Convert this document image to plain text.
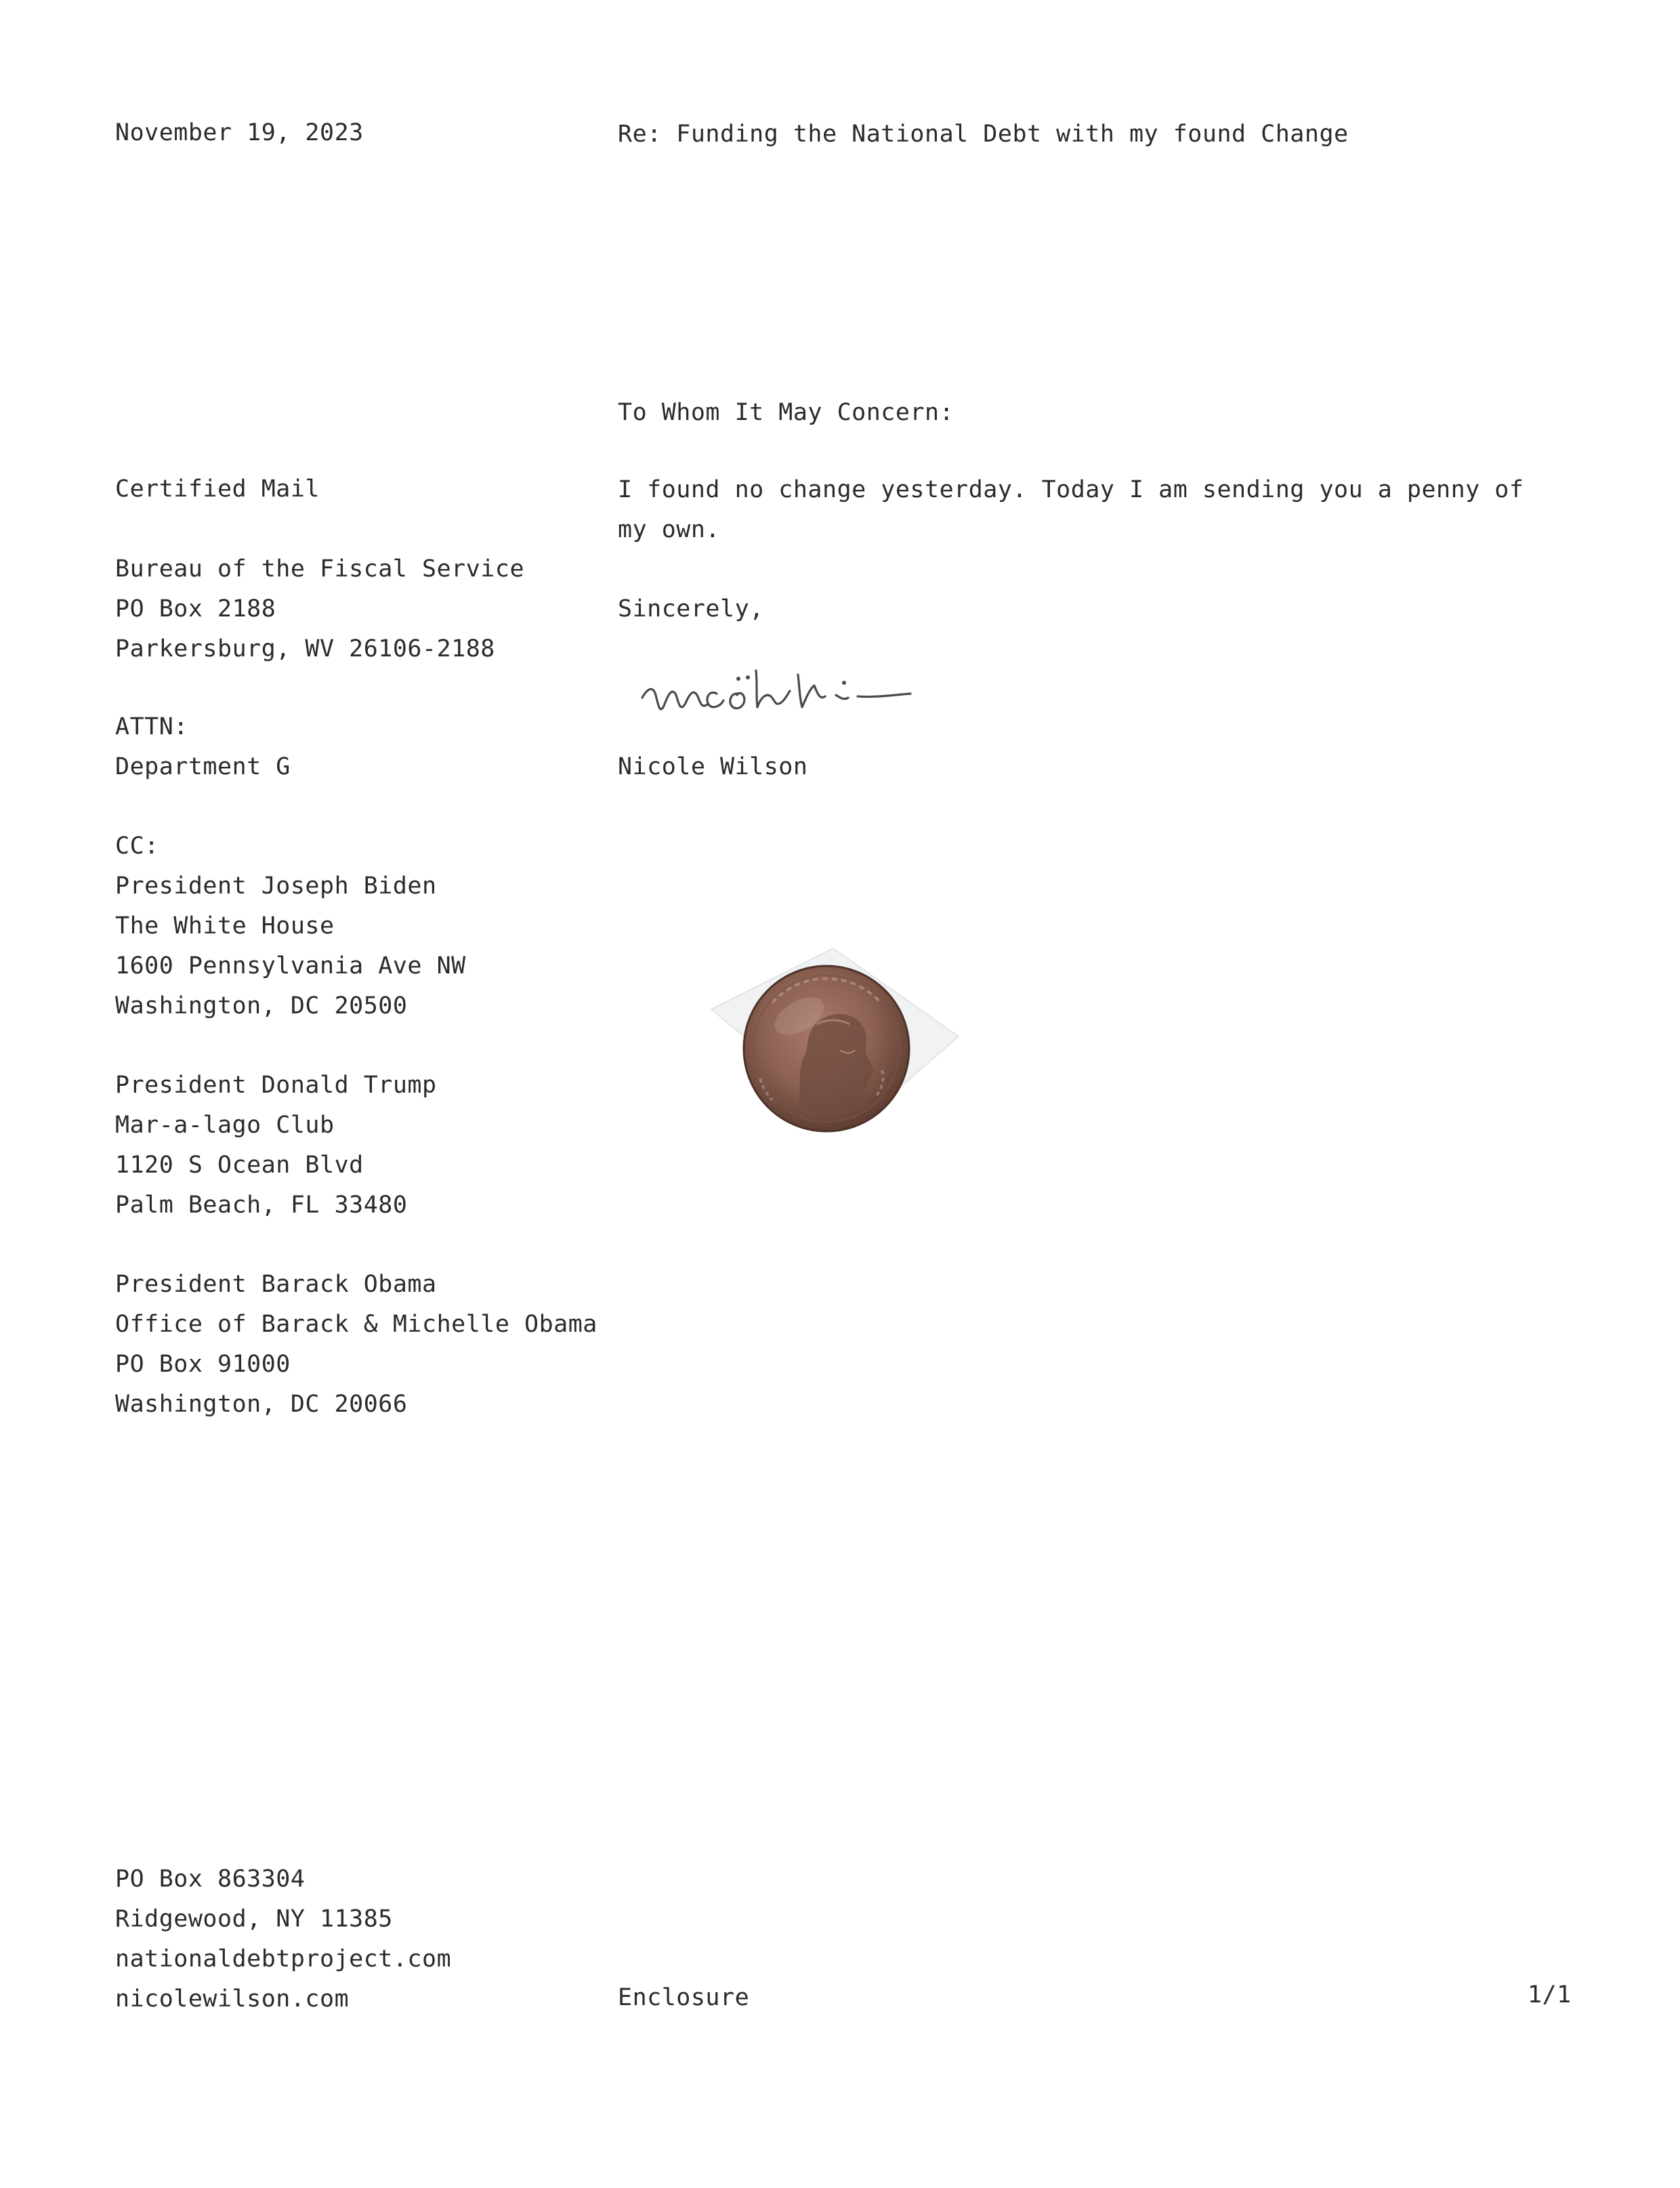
November 19, 2023	Re: Funding the National Debt with my found Change
To Whom It May Concern:
Certified Mail	I found no change yesterday. Today I am sending you a penny of my own.
Bureau of the Fiscal Service
PO Box 2188
Parkersburg, WV 26106-2188
Sincerely,
ATTN:
Department G	Nicole Wilson
CC:
President Joseph Biden
The White House
1600 Pennsylvania Ave NW
Washington, DC 20500
President Donald Trump
Mar-a-lago Club
1120 S Ocean Blvd
Palm Beach, FL 33480
President Barack Obama
Office of Barack & Michelle Obama
PO Box 91000
Washington, DC 20066
PO Box 863304
Ridgewood, NY 11385
nationaldebtproject.com
nicolewilson.com	Enclosure	1/1
